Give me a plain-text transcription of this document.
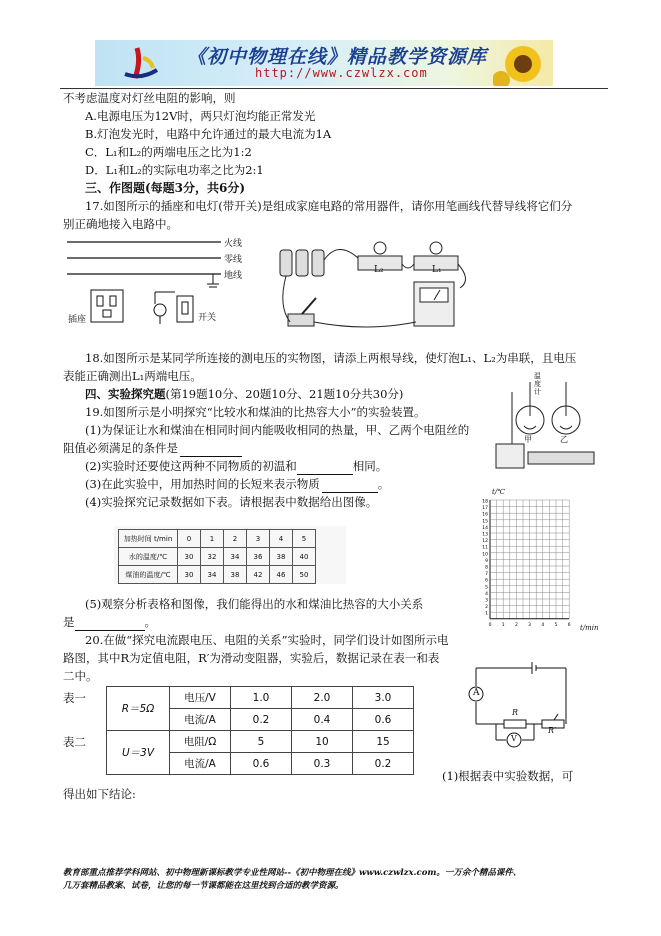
《初中物理在线》精品教学资源库
http://www.czwlzx.com
不考虑温度对灯丝电阻的影响，则
A.电源电压为12V时，两只灯泡均能正常发光
B.灯泡发光时，电路中允许通过的最大电流为1A
C．L₁和L₂的两端电压之比为1:2
D．L₁和L₂的实际电功率之比为2:1
三、作图题(每题3分，共6分)
17.如图所示的插座和电灯(带开关)是组成家庭电路的常用器件，请你用笔画线代替导线将它们分
别正确地接入电路中。
火线
零线
地线
插座	开关
L₂	L₁
18.如图所示是某同学所连接的测电压的实物图，请添上两根导线，使灯泡L₁、L₂为串联，且电压
表能正确测出L₁两端电压。
四、实验探究题(第19题10分、20题10分、21题10分共30分)
19.如图所示是小明探究“比较水和煤油的比热容大小”的实验装置。
(1)为保证让水和煤油在相同时间内能吸收相同的热量，甲、乙两个电阻丝的
阻值必须满足的条件是
(2)实验时还要使这两种不同物质的初温和	相同。
(3)在此实验中，用加热时间的长短来表示物质	。
(4)实验探究记录数据如下表。请根据表中数据给出图像。
温度计
甲	乙
加热时间 t/min	0	1	2	3	4	5
水的温度/℃	30	32	34	36	38	40
煤油的温度/℃	30	34	38	42	46	50
18
17
16
15
14
13
12
11
10
9
8
7
6
5
4
3
2
1
0 1 2 3 4 5 6
t/℃
t/min
(5)观察分析表格和图像，我们能得出的水和煤油比热容的大小关系
是	。
20.在做“探究电流跟电压、电阻的关系”实验时，同学们设计如图所示电
路图，其中R为定值电阻，R′为滑动变阻器，实验后，数据记录在表一和表
二中。
表一
R＝5Ω	电压/V	1.0	2.0	3.0
	电流/A	0.2	0.4	0.6
表二
U＝3V	电阻/Ω	5	10	15
	电流/A	0.6	0.3	0.2
A
R
V
R′
(1)根据表中实验数据，可
得出如下结论:
教育部重点推荐学科网站、初中物理新课标教学专业性网站--《初中物理在线》www.czwlzx.com。一万余个精品课件、
几万套精品教案、试卷，让您的每一节课都能在这里找到合适的教学资源。
